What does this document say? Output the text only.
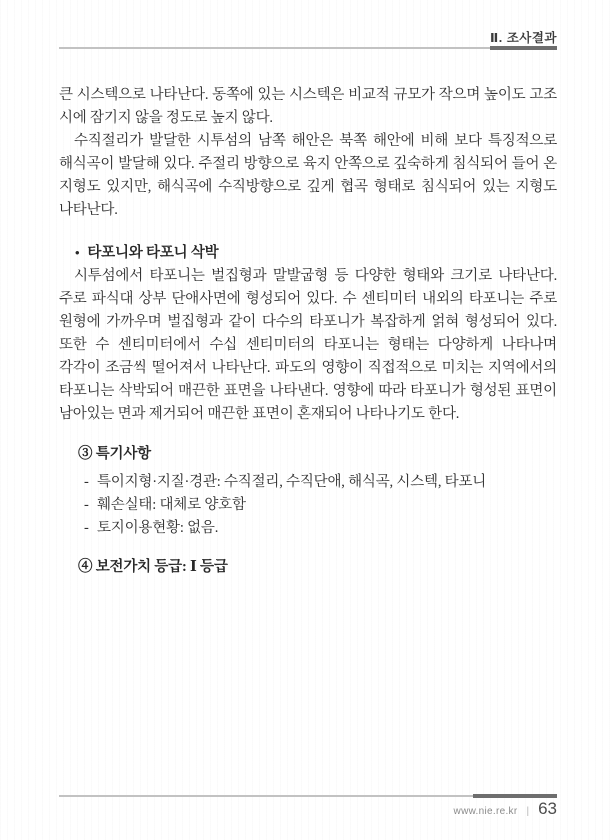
Ⅱ. 조사결과

큰 시스텍으로 나타난다. 동쪽에 있는 시스텍은 비교적 규모가 작으며 높이도 고조 시에 잠기지 않을 정도로 높지 않다.

수직절리가 발달한 시투섬의 남쪽 해안은 북쪽 해안에 비해 보다 특징적으로 해식곡이 발달해 있다. 주절리 방향으로 육지 안쪽으로 깊숙하게 침식되어 들어 온 지형도 있지만, 해식곡에 수직방향으로 깊게 협곡 형태로 침식되어 있는 지형도 나타난다.

• 타포니와 타포니 삭박

시투섬에서 타포니는 벌집형과 말발굽형 등 다양한 형태와 크기로 나타난다. 주로 파식대 상부 단애사면에 형성되어 있다. 수 센티미터 내외의 타포니는 주로 원형에 가까우며 벌집형과 같이 다수의 타포니가 복잡하게 얽혀 형성되어 있다. 또한 수 센티미터에서 수십 센티미터의 타포니는 형태는 다양하게 나타나며 각각이 조금씩 떨어져서 나타난다. 파도의 영향이 직접적으로 미치는 지역에서의 타포니는 삭박되어 매끈한 표면을 나타낸다. 영향에 따라 타포니가 형성된 표면이 남아있는 면과 제거되어 매끈한 표면이 혼재되어 나타나기도 한다.

③ 특기사항
- 특이지형·지질·경관: 수직절리, 수직단애, 해식곡, 시스텍, 타포니
- 훼손실태: 대체로 양호함
- 토지이용현황: 없음.
④ 보전가치 등급: Ⅰ 등급
www.nie.re.kr | 63
